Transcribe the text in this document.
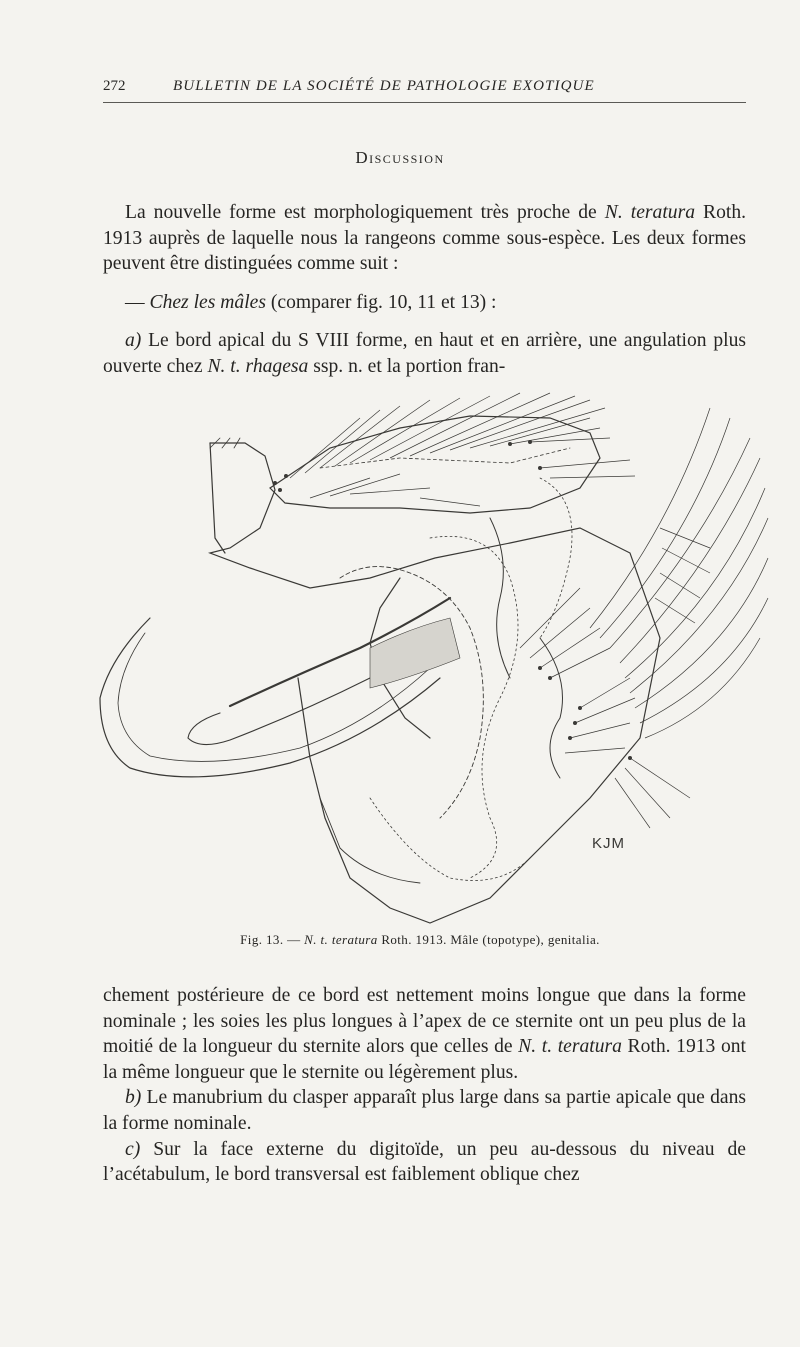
272	BULLETIN DE LA SOCIÉTÉ DE PATHOLOGIE EXOTIQUE
Discussion

La nouvelle forme est morphologiquement très proche de N. teratura Roth. 1913 auprès de laquelle nous la rangeons comme sous-espèce. Les deux formes peuvent être distinguées comme suit :

— Chez les mâles (comparer fig. 10, 11 et 13) :

a) Le bord apical du S VIII forme, en haut et en arrière, une angulation plus ouverte chez N. t. rhagesa ssp. n. et la portion fran-

KJM
Fig. 13. — N. t. teratura Roth. 1913. Mâle (topotype), genitalia.

chement postérieure de ce bord est nettement moins longue que dans la forme nominale ; les soies les plus longues à l’apex de ce sternite ont un peu plus de la moitié de la longueur du sternite alors que celles de N. t. teratura Roth. 1913 ont la même longueur que le sternite ou légèrement plus.

b) Le manubrium du clasper apparaît plus large dans sa partie apicale que dans la forme nominale.

c) Sur la face externe du digitoïde, un peu au-dessous du niveau de l’acétabulum, le bord transversal est faiblement oblique chez
